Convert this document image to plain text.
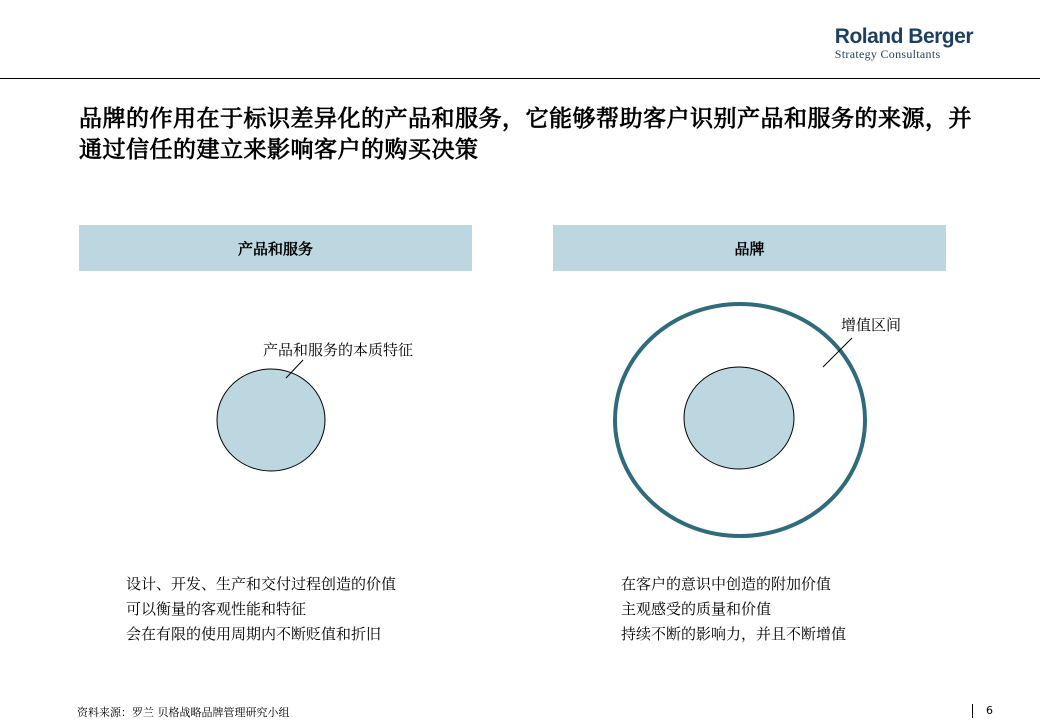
Roland Berger
Strategy Consultants
品牌的作用在于标识差异化的产品和服务，它能够帮助客户识别产品和服务的来源，并通过信任的建立来影响客户的购买决策
产品和服务	品牌
产品和服务的本质特征
增值区间
设计、开发、生产和交付过程创造的价值
可以衡量的客观性能和特征
会在有限的使用周期内不断贬值和折旧
在客户的意识中创造的附加价值
主观感受的质量和价值
持续不断的影响力，并且不断增值
资料来源：罗兰 贝格战略品牌管理研究小组	6
